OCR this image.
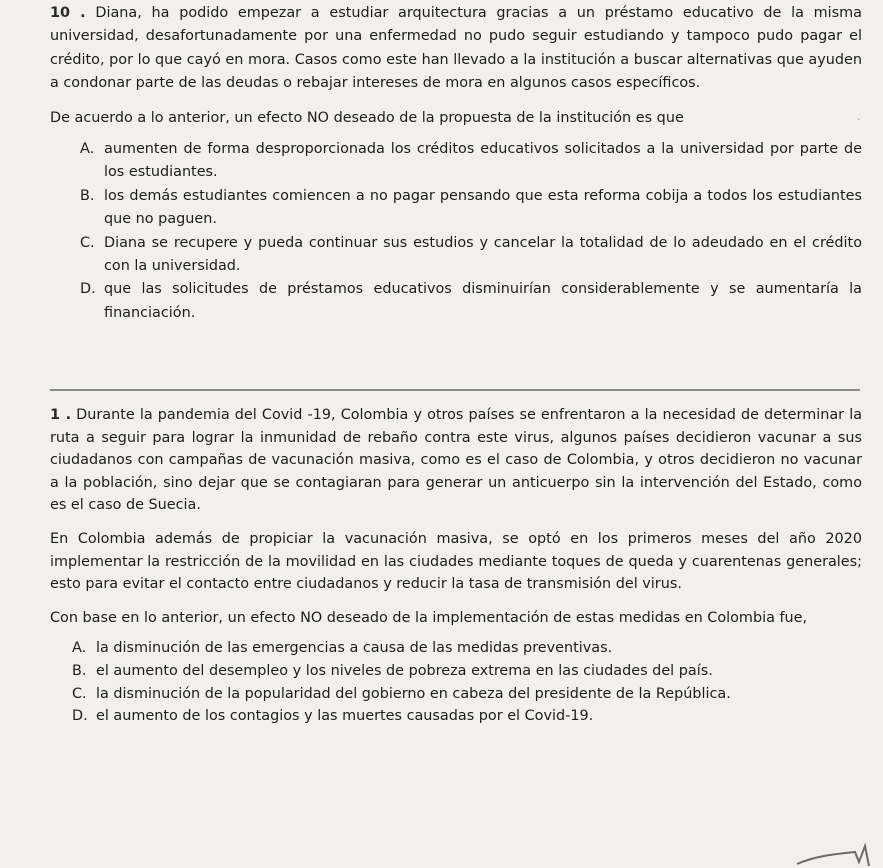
10 . Diana, ha podido empezar a estudiar arquitectura gracias a un préstamo educativo de la misma universidad, desafortunadamente por una enfermedad no pudo seguir estudiando y tampoco pudo pagar el crédito, por lo que cayó en mora. Casos como este han llevado a la institución a buscar alternativas que ayuden a condonar parte de las deudas o rebajar intereses de mora en algunos casos específicos.

De acuerdo a lo anterior, un efecto NO deseado de la propuesta de la institución es que

A. aumenten de forma desproporcionada los créditos educativos solicitados a la universidad por parte de los estudiantes.
B. los demás estudiantes comiencen a no pagar pensando que esta reforma cobija a todos los estudiantes que no paguen.
C. Diana se recupere y pueda continuar sus estudios y cancelar la totalidad de lo adeudado en el crédito con la universidad.
D. que las solicitudes de préstamos educativos disminuirían considerablemente y se aumentaría la financiación.

1 . Durante la pandemia del Covid -19, Colombia y otros países se enfrentaron a la necesidad de determinar la ruta a seguir para lograr la inmunidad de rebaño contra este virus, algunos países decidieron vacunar a sus ciudadanos con campañas de vacunación masiva, como es el caso de Colombia, y otros decidieron no vacunar a la población, sino dejar que se contagiaran para generar un anticuerpo sin la intervención del Estado, como es el caso de Suecia.

En Colombia además de propiciar la vacunación masiva, se optó en los primeros meses del año 2020 implementar la restricción de la movilidad en las ciudades mediante toques de queda y cuarentenas generales; esto para evitar el contacto entre ciudadanos y reducir la tasa de transmisión del virus.

Con base en lo anterior, un efecto NO deseado de la implementación de estas medidas en Colombia fue,

A. la disminución de las emergencias a causa de las medidas preventivas.
B. el aumento del desempleo y los niveles de pobreza extrema en las ciudades del país.
C. la disminución de la popularidad del gobierno en cabeza del presidente de la República.
D. el aumento de los contagios y las muertes causadas por el Covid-19.
·
